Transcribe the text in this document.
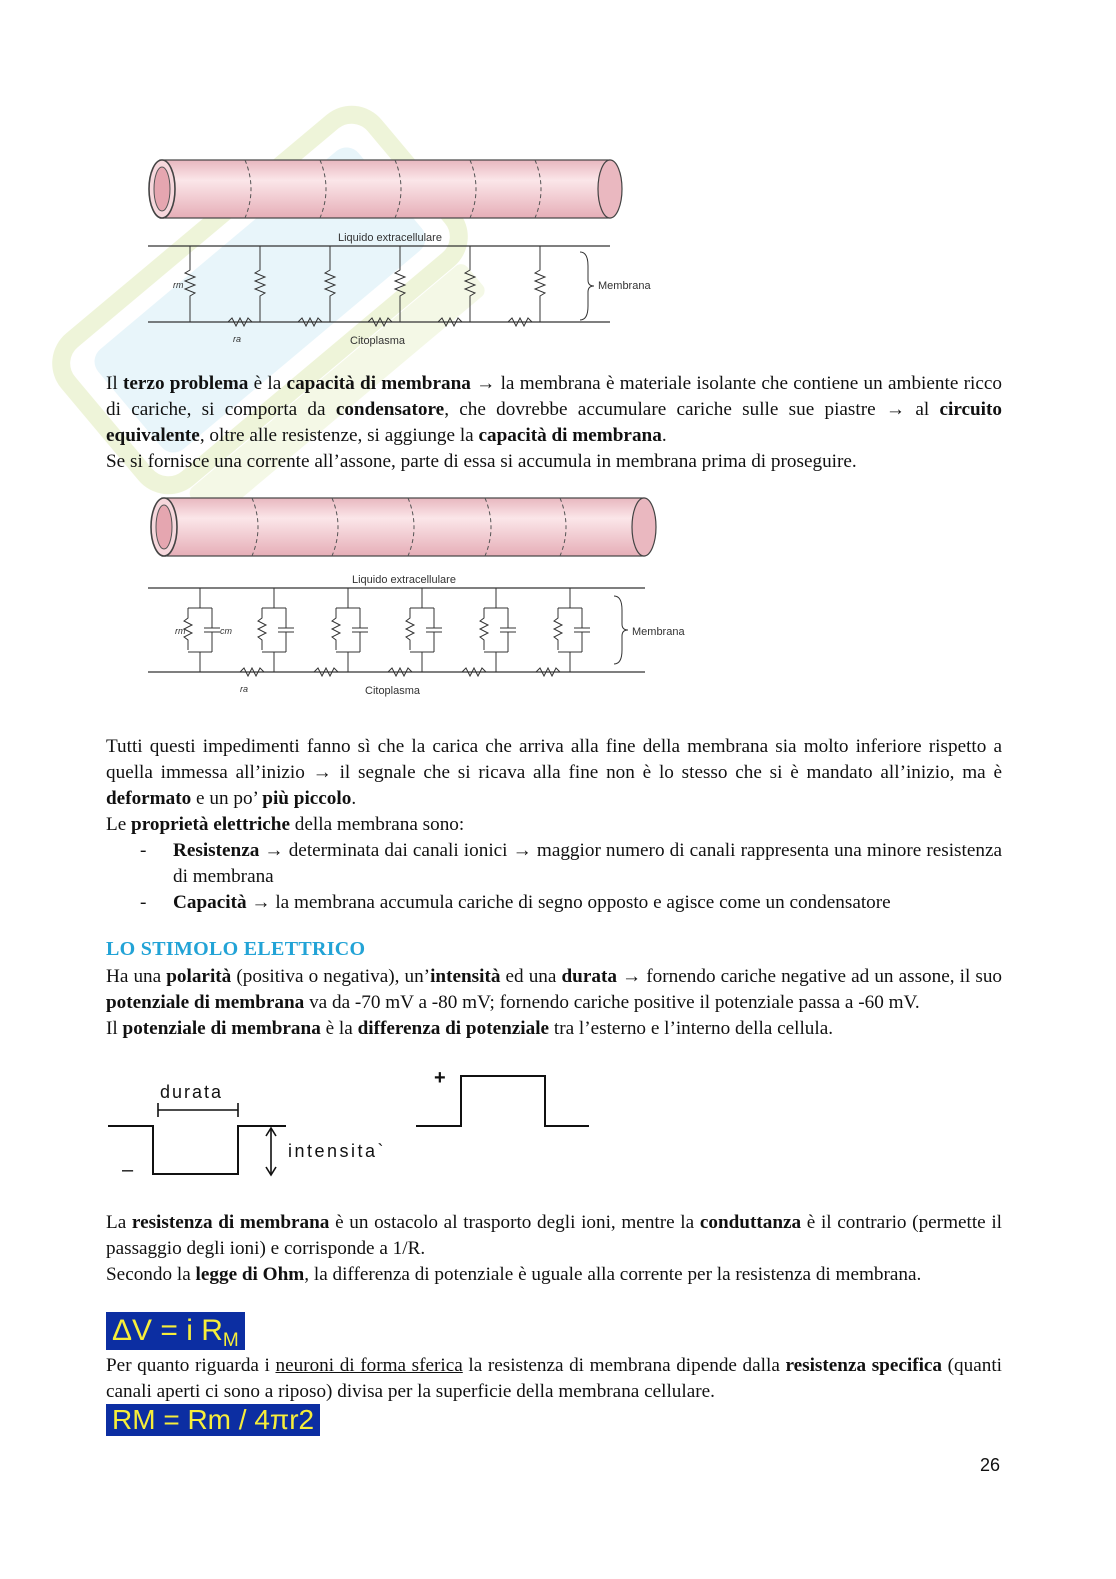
Liquido extracellulare
Membrana
rm
ra	Citoplasma

Il terzo problema è la capacità di membrana → la membrana è materiale isolante che contiene un ambiente ricco di cariche, si comporta da condensatore, che dovrebbe accumulare cariche sulle sue piastre → al circuito equivalente, oltre alle resistenze, si aggiunge la capacità di membrana.

Se si fornisce una corrente all’assone, parte di essa si accumula in membrana prima di proseguire.

Liquido extracellulare
Membrana
rm	cm
ra	Citoplasma

Tutti questi impedimenti fanno sì che la carica che arriva alla fine della membrana sia molto inferiore rispetto a quella immessa all’inizio → il segnale che si ricava alla fine non è lo stesso che si è mandato all’inizio, ma è deformato e un po’ più piccolo.

Le proprietà elettriche della membrana sono:

- Resistenza → determinata dai canali ionici → maggior numero di canali rappresenta una minore resistenza di membrana
- Capacità → la membrana accumula cariche di segno opposto e agisce come un condensatore
LO STIMOLO ELETTRICO

Ha una polarità (positiva o negativa), un’intensità ed una durata → fornendo cariche negative ad un assone, il suo potenziale di membrana va da -70 mV a -80 mV; fornendo cariche positive il potenziale passa a -60 mV.

Il potenziale di membrana è la differenza di potenziale tra l’esterno e l’interno della cellula.

durata
intensita`
–
+

La resistenza di membrana è un ostacolo al trasporto degli ioni, mentre la conduttanza è il contrario (permette il passaggio degli ioni) e corrisponde a 1/R.

Secondo la legge di Ohm, la differenza di potenziale è uguale alla corrente per la resistenza di membrana.

ΔV = i $R_M$

Per quanto riguarda i neuroni di forma sferica la resistenza di membrana dipende dalla resistenza specifica (quanti canali aperti ci sono a riposo) divisa per la superficie della membrana cellulare.

RM = Rm / 4πr2
26
